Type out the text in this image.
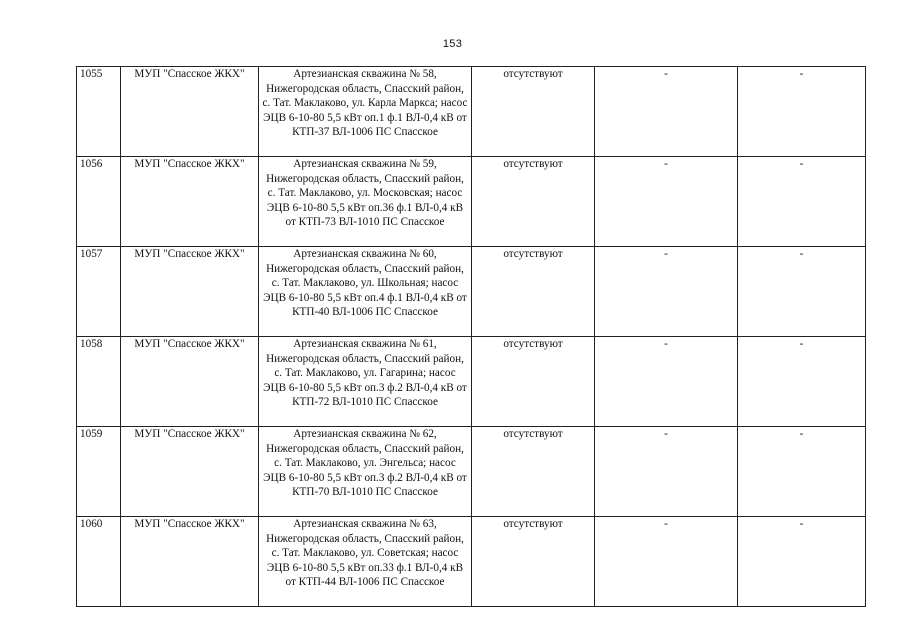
153
1055	МУП "Спасское ЖКХ"	Артезианская скважина № 58, Нижегородская область, Спасский район, с. Тат. Маклаково, ул. Карла Маркса; насос ЭЦВ 6-10-80 5,5 кВт оп.1 ф.1 ВЛ-0,4 кВ от КТП-37 ВЛ-1006 ПС Спасское	отсутствуют	-	-
1056	МУП "Спасское ЖКХ"	Артезианская скважина № 59, Нижегородская область, Спасский район, с. Тат. Маклаково, ул. Московская; насос ЭЦВ 6-10-80 5,5 кВт оп.36 ф.1 ВЛ-0,4 кВ от КТП-73 ВЛ-1010 ПС Спасское	отсутствуют	-	-
1057	МУП "Спасское ЖКХ"	Артезианская скважина № 60, Нижегородская область, Спасский район, с. Тат. Маклаково, ул. Школьная; насос ЭЦВ 6-10-80 5,5 кВт оп.4 ф.1 ВЛ-0,4 кВ от КТП-40 ВЛ-1006 ПС Спасское	отсутствуют	-	-
1058	МУП "Спасское ЖКХ"	Артезианская скважина № 61, Нижегородская область, Спасский район, с. Тат. Маклаково, ул. Гагарина; насос ЭЦВ 6-10-80 5,5 кВт оп.3 ф.2 ВЛ-0,4 кВ от КТП-72 ВЛ-1010 ПС Спасское	отсутствуют	-	-
1059	МУП "Спасское ЖКХ"	Артезианская скважина № 62, Нижегородская область, Спасский район, с. Тат. Маклаково, ул. Энгельса; насос ЭЦВ 6-10-80 5,5 кВт оп.3 ф.2 ВЛ-0,4 кВ от КТП-70 ВЛ-1010 ПС Спасское	отсутствуют	-	-
1060	МУП "Спасское ЖКХ"	Артезианская скважина № 63, Нижегородская область, Спасский район, с. Тат. Маклаково, ул. Советская; насос ЭЦВ 6-10-80 5,5 кВт оп.33 ф.1 ВЛ-0,4 кВ от КТП-44 ВЛ-1006 ПС Спасское	отсутствуют	-	-
